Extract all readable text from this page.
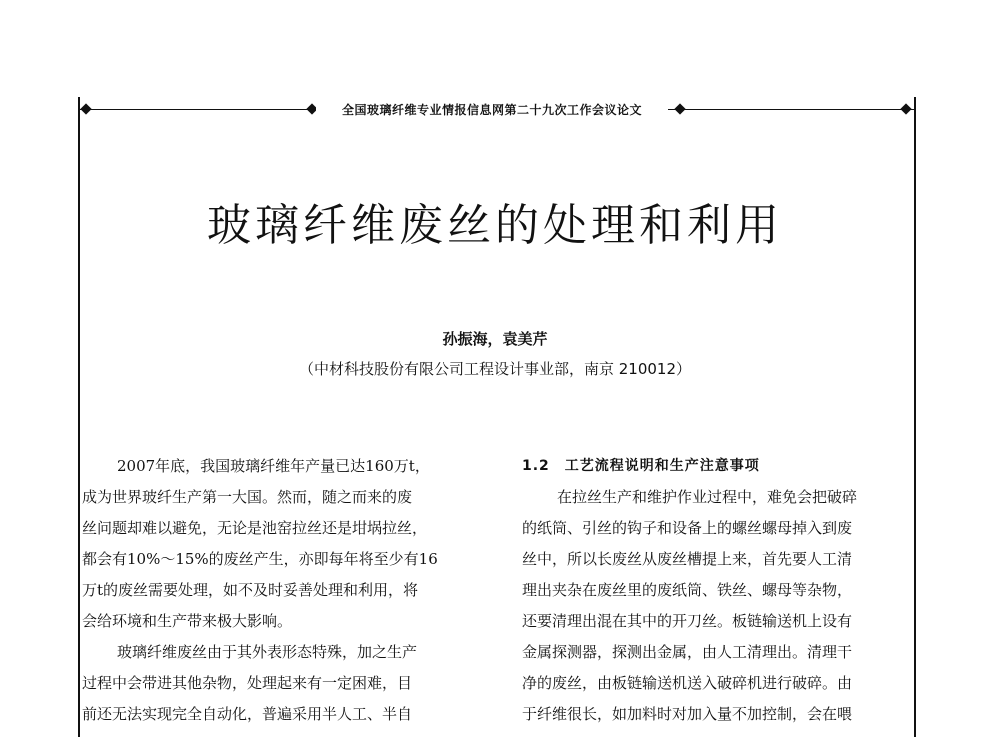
全国玻璃纤维专业情报信息网第二十九次工作会议论文
玻璃纤维废丝的处理和利用
孙振海，袁美芹
（中材科技股份有限公司工程设计事业部，南京 210012）
2007年底，我国玻璃纤维年产量已达160万t，
成为世界玻纤生产第一大国。然而，随之而来的废
丝问题却难以避免，无论是池窑拉丝还是坩埚拉丝，
都会有10%～15%的废丝产生，亦即每年将至少有16
万t的废丝需要处理，如不及时妥善处理和利用，将
会给环境和生产带来极大影响。
玻璃纤维废丝由于其外表形态特殊，加之生产
过程中会带进其他杂物，处理起来有一定困难，目
前还无法实现完全自动化，普遍采用半人工、半自
1.2　工艺流程说明和生产注意事项
在拉丝生产和维护作业过程中，难免会把破碎
的纸筒、引丝的钩子和设备上的螺丝螺母掉入到废
丝中，所以长废丝从废丝槽提上来，首先要人工清
理出夹杂在废丝里的废纸筒、铁丝、螺母等杂物，
还要清理出混在其中的开刀丝。板链输送机上设有
金属探测器，探测出金属，由人工清理出。清理干
净的废丝，由板链输送机送入破碎机进行破碎。由
于纤维很长，如加料时对加入量不加控制，会在喂
